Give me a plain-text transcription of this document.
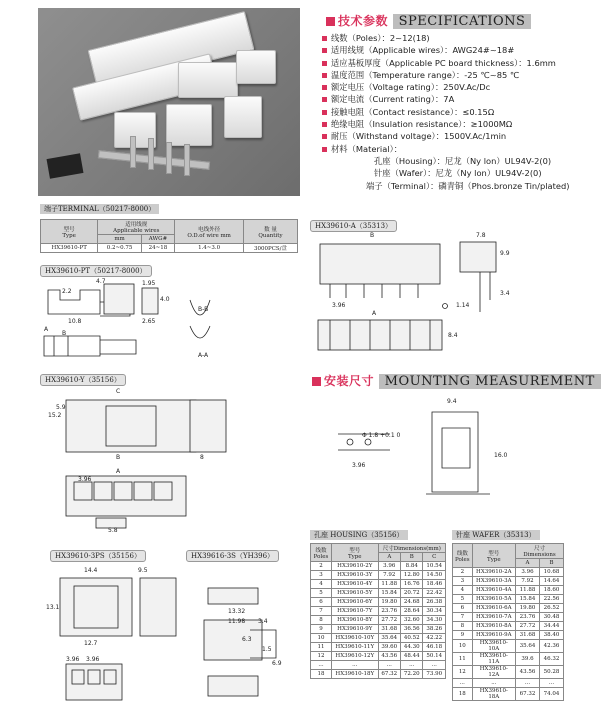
技术参数 SPECIFICATIONS
线数（Poles）：2~12(18)
适用线规（Applicable wires）：AWG24#~18#
适应基板厚度（Applicable PC board thickness）：1.6mm
温度范围（Temperature range）：-25 ℃~85 ℃
额定电压（Voltage rating）：250V.Ac/Dc
额定电流（Current rating）：7A
接触电阻（Contact resistance）：≤0.15Ω
绝缘电阻（Insulation resistance）：≥1000MΩ
耐压（Withstand voltage）：1500V.Ac/1min
材料（Material）：
孔座（Housing）：尼龙（Ny lon）UL94V-2(0)
针座（Wafer）：尼龙（Ny lon）UL94V-2(0)
端子（Terminal）：磷青铜（Phos.bronze Tin/plated)
端子TERMINAL（50217-8000）
型号
Type	适用线规
Applicable wires		电线外径
O.D.of wire mm	数 量
Quantity
	mm	AWG#		
HX39610-PT	0.2~0.75	24~18	1.4~3.0	3000PCS/盘
HX39610-PT（50217-8000）
4.7
2.2
10.8
1.95
4.0
2.65
B-B
A-A
A
B
HX39610-Y（35156）
C
15.2
5.9
B	8
A
3.96
5.8
HX39610-3PS（35156）
14.4	9.5
13.1
12.7
3.96 3.96
HX39616-3S（YH396）
13.32
11.98
6.3
3.4
1.5
6.9
HX39610-A（35313）
B	7.8
9.9
3.4
3.96
A
1.14
8.4
安装尺寸 MOUNTING MEASUREMENT
9.4
Φ 1.8 +0.1 0
16.0
3.96
孔座 HOUSING（35156）
线数
Poles	型号
Type	尺寸Dimensions(mm)		
		A	B	C
2	HX39610-2Y	3.96	8.84	10.54
3	HX39610-3Y	7.92	12.80	14.50
4	HX39610-4Y	11.88	16.76	18.46
5	HX39610-5Y	15.84	20.72	22.42
6	HX39610-6Y	19.80	24.68	26.38
7	HX39610-7Y	23.76	28.64	30.34
8	HX39610-8Y	27.72	32.60	34.30
9	HX39610-9Y	31.68	36.56	38.26
10	HX39610-10Y	35.64	40.52	42.22
11	HX39610-11Y	39.60	44.30	46.18
12	HX39610-12Y	43.56	48.44	50.14
...	...	...	...	...
18	HX39610-18Y	67.32	72.20	73.90
针座 WAFER（35313）
线数
Poles	型号
Type	尺寸Dimensions	
		A	B
2	HX39610-2A	3.96	10.68
3	HX39610-3A	7.92	14.64
4	HX39610-4A	11.88	18.60
5	HX39610-5A	15.84	22.56
6	HX39610-6A	19.80	26.52
7	HX39610-7A	23.76	30.48
8	HX39610-8A	27.72	34.44
9	HX39610-9A	31.68	38.40
10	HX39610-10A	35.64	42.36
11	HX39610-11A	39.6	46.32
12	HX39610-12A	43.56	50.28
...	...	...	...
18	HX39610-18A	67.32	74.04
